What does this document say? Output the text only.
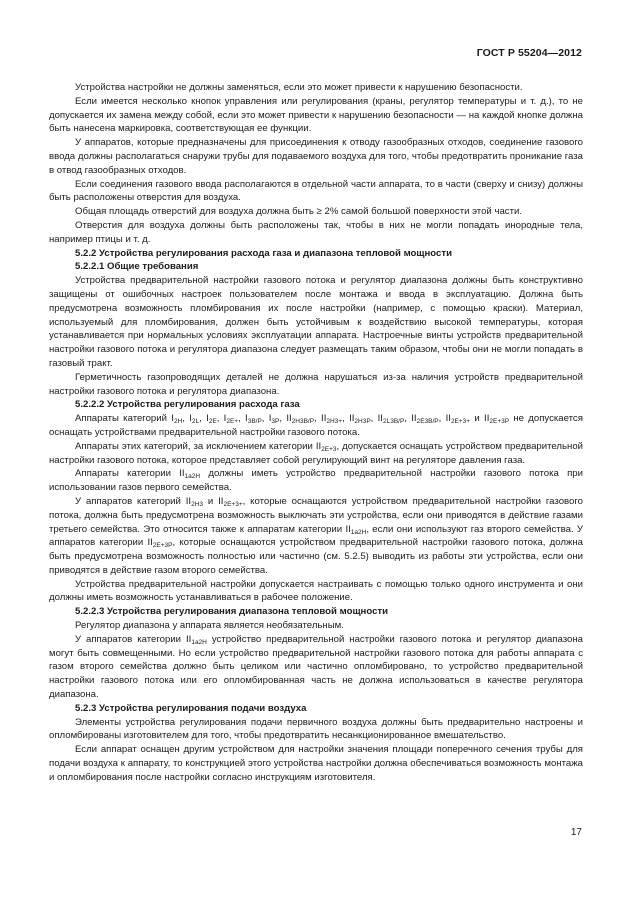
ГОСТ Р 55204—2012

Устройства настройки не должны заменяться, если это может привести к нарушению безопасности.

Если имеется несколько кнопок управления или регулирования (краны, регулятор температуры и т. д.), то не допускается их замена между собой, если это может привести к нарушению безопасности — на каждой кнопке должна быть нанесена маркировка, соответствующая ее функции.

У аппаратов, которые предназначены для присоединения к отводу газообразных отходов, соединение газового ввода должны располагаться снаружи трубы для подаваемого воздуха для того, чтобы предотвратить проникание газа в отвод газообразных отходов.

Если соединения газового ввода располагаются в отдельной части аппарата, то в части (сверху и снизу) должны быть расположены отверстия для воздуха.

Общая площадь отверстий для воздуха должна быть ≥ 2% самой большой поверхности этой части.

Отверстия для воздуха должны быть расположены так, чтобы в них не могли попадать инородные тела, например птицы и т. д.

5.2.2 Устройства регулирования расхода газа и диапазона тепловой мощности

5.2.2.1 Общие требования

Устройства предварительной настройки газового потока и регулятор диапазона должны быть конструктивно защищены от ошибочных настроек пользователем после монтажа и ввода в эксплуатацию. Должна быть предусмотрена возможность пломбирования их после настройки (например, с помощью краски). Материал, используемый для пломбирования, должен быть устойчивым к воздействию высокой температуры, которая устанавливается при нормальных условиях эксплуатации аппарата. Настроечные винты устройств предварительной настройки газового потока и регулятора диапазона следует размещать таким образом, чтобы они не могли попадать в газовый тракт.

Герметичность газопроводящих деталей не должна нарушаться из-за наличия устройств предварительной настройки газового потока и регулятора диапазона.

5.2.2.2 Устройства регулирования расхода газа

Аппараты категорий $I_{2H}$, $I_{2L}$, $I_{2E}$, $I_{2E+}$, $I_{3B/P}$, $I_{3P}$, $II_{2H3B/P}$, $II_{2H3+}$, $II_{2H3P}$, $II_{2L3B/P}$, $II_{2E3B/P}$, $II_{2E+3+}$ и $II_{2E+3P}$ не допускается оснащать устройствами предварительной настройки газового потока.

Аппараты этих категорий, за исключением категории $II_{2E+3}$, допускается оснащать устройством предварительной настройки газового потока, которое представляет собой регулирующий винт на регуляторе давления газа.

Аппараты категории $II_{1a2H}$ должны иметь устройство предварительной настройки газового потока при использовании газов первого семейства.

У аппаратов категорий $II_{2H3}$ и $II_{2E+3+}$, которые оснащаются устройством предварительной настройки газового потока, должна быть предусмотрена возможность выключать эти устройства, если они приводятся в действие газами третьего семейства. Это относится также к аппаратам категории $II_{1a2H}$, если они используют газ второго семейства. У аппаратов категории $II_{2E+3P}$, которые оснащаются устройством предварительной настройки газового потока, должна быть предусмотрена возможность полностью или частично (см. 5.2.5) выводить из работы эти устройства, если они приводятся в действие газом второго семейства.

Устройства предварительной настройки допускается настраивать с помощью только одного инструмента и они должны иметь возможность устанавливаться в рабочее положение.

5.2.2.3 Устройства регулирования диапазона тепловой мощности

Регулятор диапазона у аппарата является необязательным.

У аппаратов категории $II_{1a2H}$ устройство предварительной настройки газового потока и регулятор диапазона могут быть совмещенными. Но если устройство предварительной настройки газового потока для работы аппарата с газом второго семейства должно быть целиком или частично опломбировано, то устройство предварительной настройки газового потока или его опломбированная часть не должна использоваться в качестве регулятора диапазона.

5.2.3 Устройства регулирования подачи воздуха

Элементы устройства регулирования подачи первичного воздуха должны быть предварительно настроены и опломбированы изготовителем для того, чтобы предотвратить несанкционированное вмешательство.

Если аппарат оснащен другим устройством для настройки значения площади поперечного сечения трубы для подачи воздуха к аппарату, то конструкцией этого устройства настройки должна обеспечиваться возможность монтажа и опломбирования после настройки согласно инструкциям изготовителя.

17
